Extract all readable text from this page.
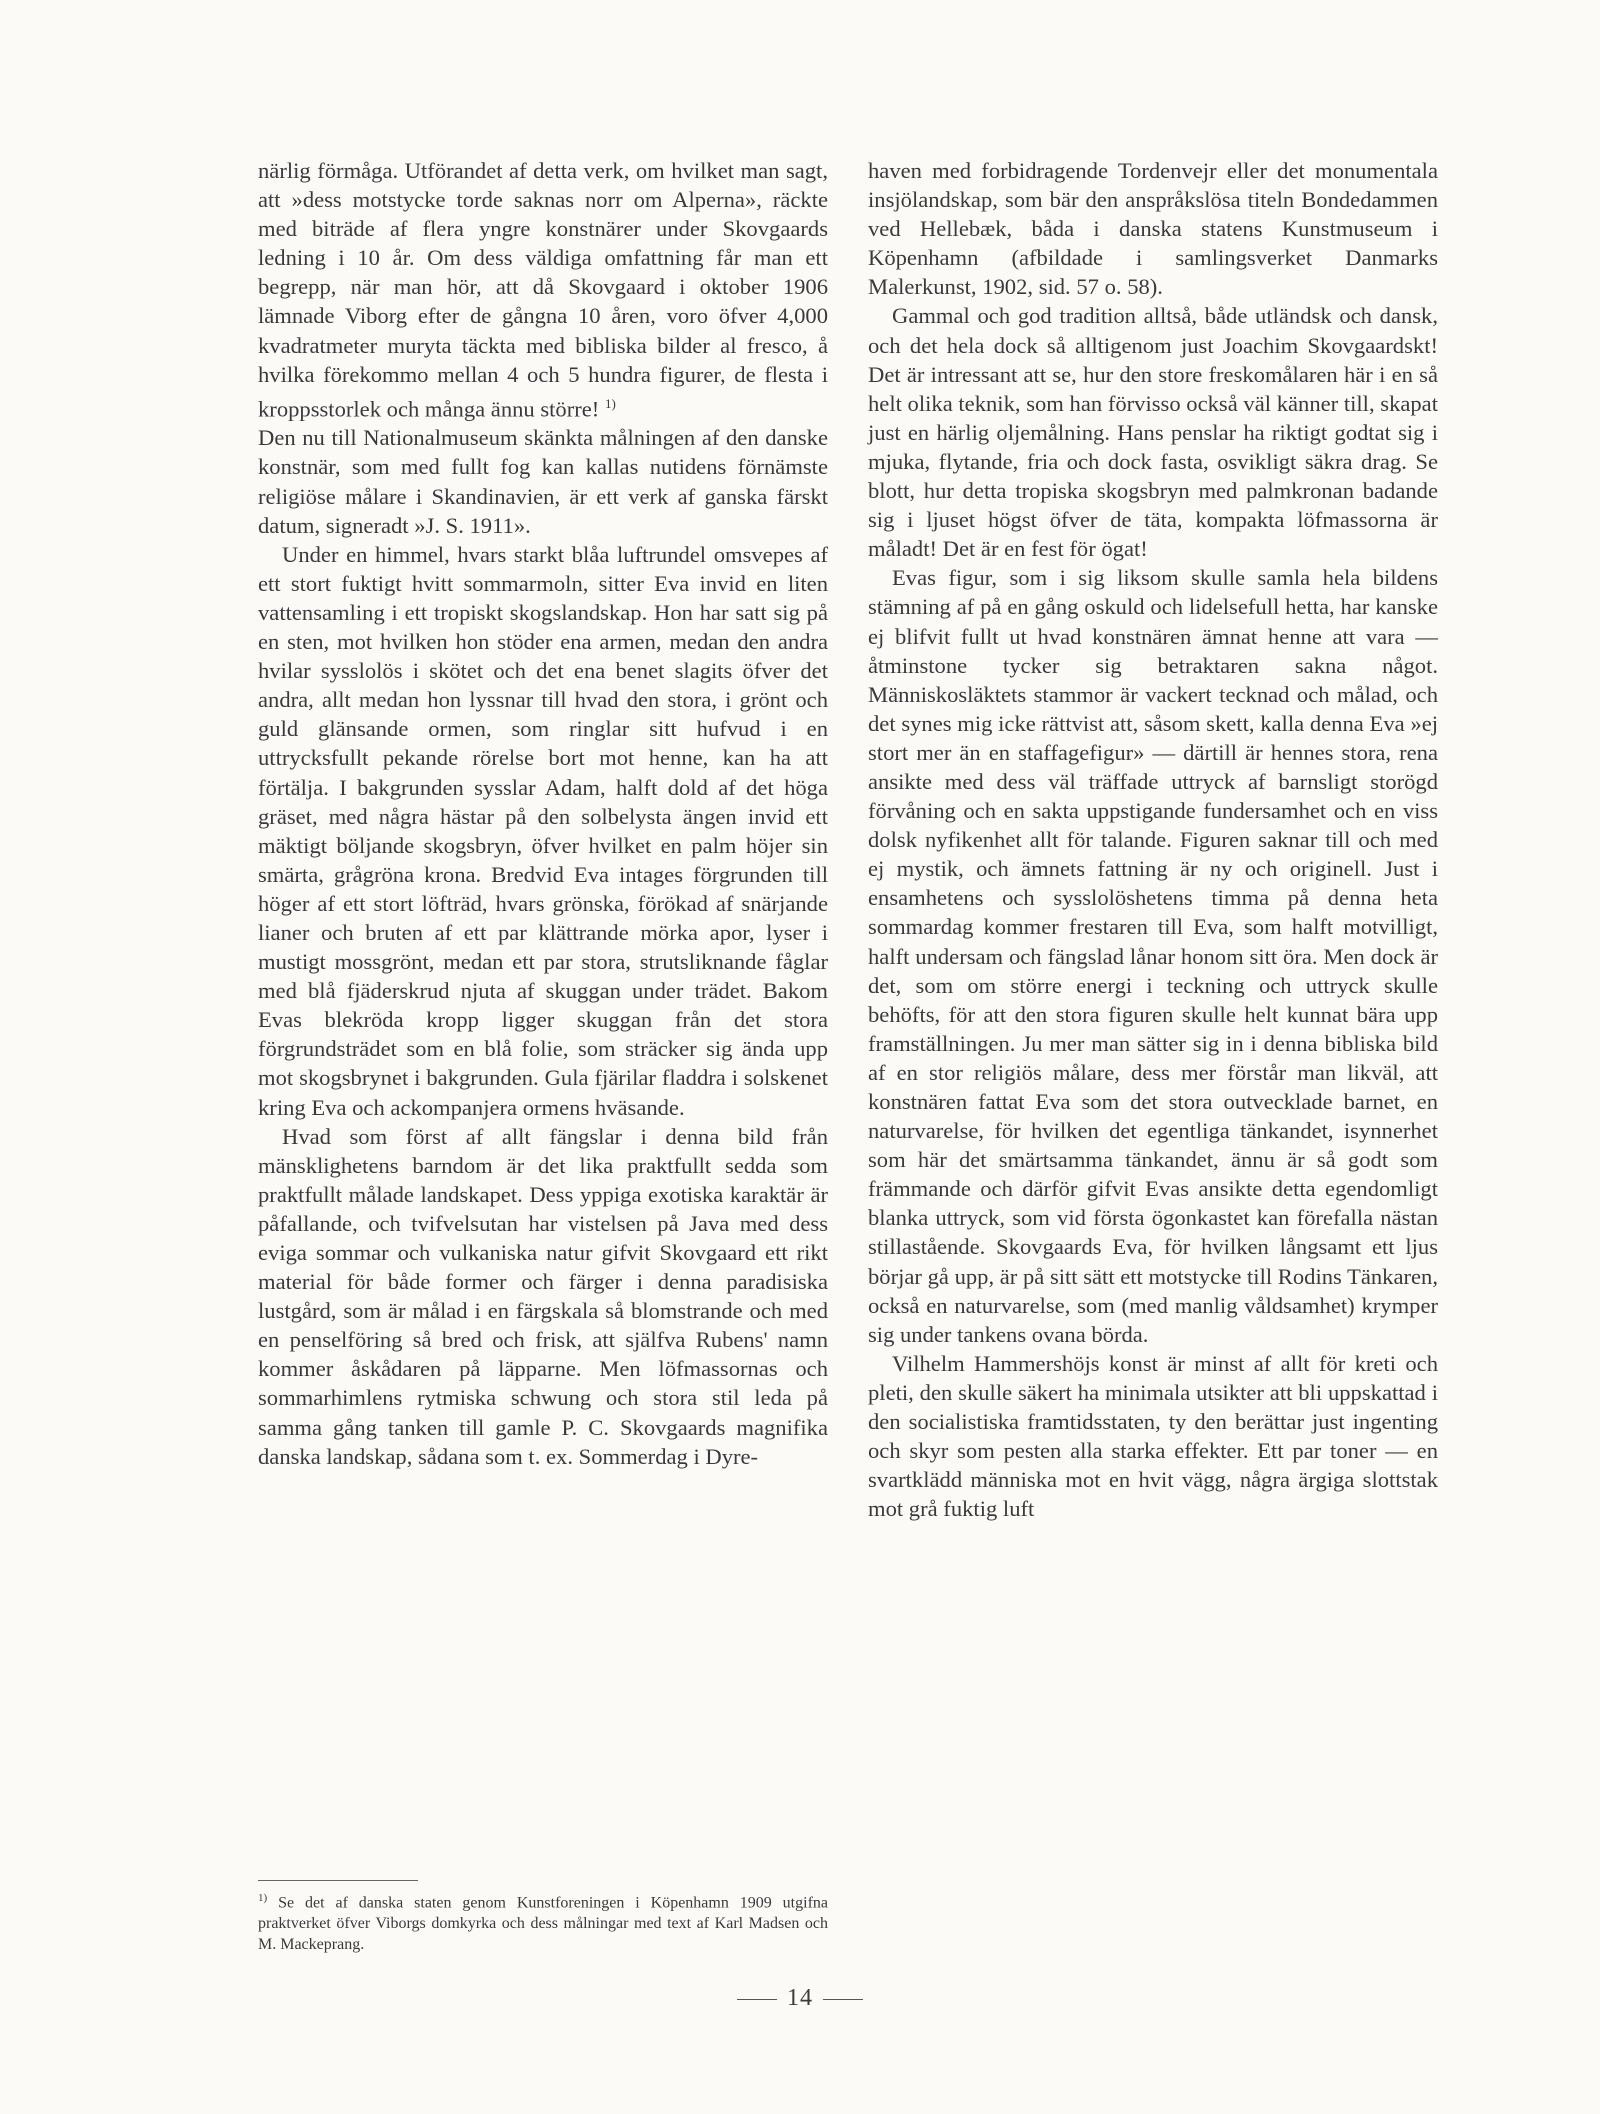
närlig förmåga. Utförandet af detta verk, om hvilket man sagt, att »dess motstycke torde saknas norr om Alperna», räckte med biträde af flera yngre konstnärer under Skovgaards ledning i 10 år. Om dess väldiga omfattning får man ett begrepp, när man hör, att då Skovgaard i oktober 1906 lämnade Viborg efter de gångna 10 åren, voro öfver 4,000 kvadratmeter muryta täckta med bibliska bilder al fresco, å hvilka förekommo mellan 4 och 5 hundra figurer, de flesta i kroppsstorlek och många ännu större! $^{1)}$

Den nu till Nationalmuseum skänkta målningen af den danske konstnär, som med fullt fog kan kallas nutidens förnämste religiöse målare i Skandinavien, är ett verk af ganska färskt datum, signeradt »J. S. 1911».

Under en himmel, hvars starkt blåa luftrundel omsvepes af ett stort fuktigt hvitt sommarmoln, sitter Eva invid en liten vattensamling i ett tropiskt skogslandskap. Hon har satt sig på en sten, mot hvilken hon stöder ena armen, medan den andra hvilar sysslolös i skötet och det ena benet slagits öfver det andra, allt medan hon lyssnar till hvad den stora, i grönt och guld glänsande ormen, som ringlar sitt hufvud i en uttrycksfullt pekande rörelse bort mot henne, kan ha att förtälja. I bakgrunden sysslar Adam, halft dold af det höga gräset, med några hästar på den solbelysta ängen invid ett mäktigt böljande skogsbryn, öfver hvilket en palm höjer sin smärta, grågröna krona. Bredvid Eva intages förgrunden till höger af ett stort löfträd, hvars grönska, förökad af snärjande lianer och bruten af ett par klättrande mörka apor, lyser i mustigt mossgrönt, medan ett par stora, strutsliknande fåglar med blå fjäderskrud njuta af skuggan under trädet. Bakom Evas blekröda kropp ligger skuggan från det stora förgrundsträdet som en blå folie, som sträcker sig ända upp mot skogsbrynet i bakgrunden. Gula fjärilar fladdra i solskenet kring Eva och ackompanjera ormens hväsande.

Hvad som först af allt fängslar i denna bild från mänsklighetens barndom är det lika praktfullt sedda som praktfullt målade landskapet. Dess yppiga exotiska karaktär är påfallande, och tvifvelsutan har vistelsen på Java med dess eviga sommar och vulkaniska natur gifvit Skovgaard ett rikt material för både former och färger i denna paradisiska lustgård, som är målad i en färgskala så blomstrande och med en penselföring så bred och frisk, att själfva Rubens' namn kommer åskådaren på läpparne. Men löfmassornas och sommarhimlens rytmiska schwung och stora stil leda på samma gång tanken till gamle P. C. Skovgaards magnifika danska landskap, sådana som t. ex. Sommerdag i Dyre-

haven med forbidragende Tordenvejr eller det monumentala insjölandskap, som bär den anspråkslösa titeln Bondedammen ved Hellebæk, båda i danska statens Kunstmuseum i Köpenhamn (afbildade i samlingsverket Danmarks Malerkunst, 1902, sid. 57 o. 58).

Gammal och god tradition alltså, både utländsk och dansk, och det hela dock så alltigenom just Joachim Skovgaardskt! Det är intressant att se, hur den store freskomålaren här i en så helt olika teknik, som han förvisso också väl känner till, skapat just en härlig oljemålning. Hans penslar ha riktigt godtat sig i mjuka, flytande, fria och dock fasta, osvikligt säkra drag. Se blott, hur detta tropiska skogsbryn med palmkronan badande sig i ljuset högst öfver de täta, kompakta löfmassorna är måladt! Det är en fest för ögat!

Evas figur, som i sig liksom skulle samla hela bildens stämning af på en gång oskuld och lidelsefull hetta, har kanske ej blifvit fullt ut hvad konstnären ämnat henne att vara — åtminstone tycker sig betraktaren sakna något. Människosläktets stammor är vackert tecknad och målad, och det synes mig icke rättvist att, såsom skett, kalla denna Eva »ej stort mer än en staffagefigur» — därtill är hennes stora, rena ansikte med dess väl träffade uttryck af barnsligt storögd förvåning och en sakta uppstigande fundersamhet och en viss dolsk nyfikenhet allt för talande. Figuren saknar till och med ej mystik, och ämnets fattning är ny och originell. Just i ensamhetens och sysslolöshetens timma på denna heta sommardag kommer frestaren till Eva, som halft motvilligt, halft undersam och fängslad lånar honom sitt öra. Men dock är det, som om större energi i teckning och uttryck skulle behöfts, för att den stora figuren skulle helt kunnat bära upp framställningen. Ju mer man sätter sig in i denna bibliska bild af en stor religiös målare, dess mer förstår man likväl, att konstnären fattat Eva som det stora outvecklade barnet, en naturvarelse, för hvilken det egentliga tänkandet, isynnerhet som här det smärtsamma tänkandet, ännu är så godt som främmande och därför gifvit Evas ansikte detta egendomligt blanka uttryck, som vid första ögonkastet kan förefalla nästan stillastående. Skovgaards Eva, för hvilken långsamt ett ljus börjar gå upp, är på sitt sätt ett motstycke till Rodins Tänkaren, också en naturvarelse, som (med manlig våldsamhet) krymper sig under tankens ovana börda.

Vilhelm Hammershöjs konst är minst af allt för kreti och pleti, den skulle säkert ha minimala utsikter att bli uppskattad i den socialistiska framtidsstaten, ty den berättar just ingenting och skyr som pesten alla starka effekter. Ett par toner — en svartklädd människa mot en hvit vägg, några ärgiga slottstak mot grå fuktig luft

$^{1)}$ Se det af danska staten genom Kunstforeningen i Köpenhamn 1909 utgifna praktverket öfver Viborgs domkyrka och dess målningar med text af Karl Madsen och M. Mackeprang.
14
